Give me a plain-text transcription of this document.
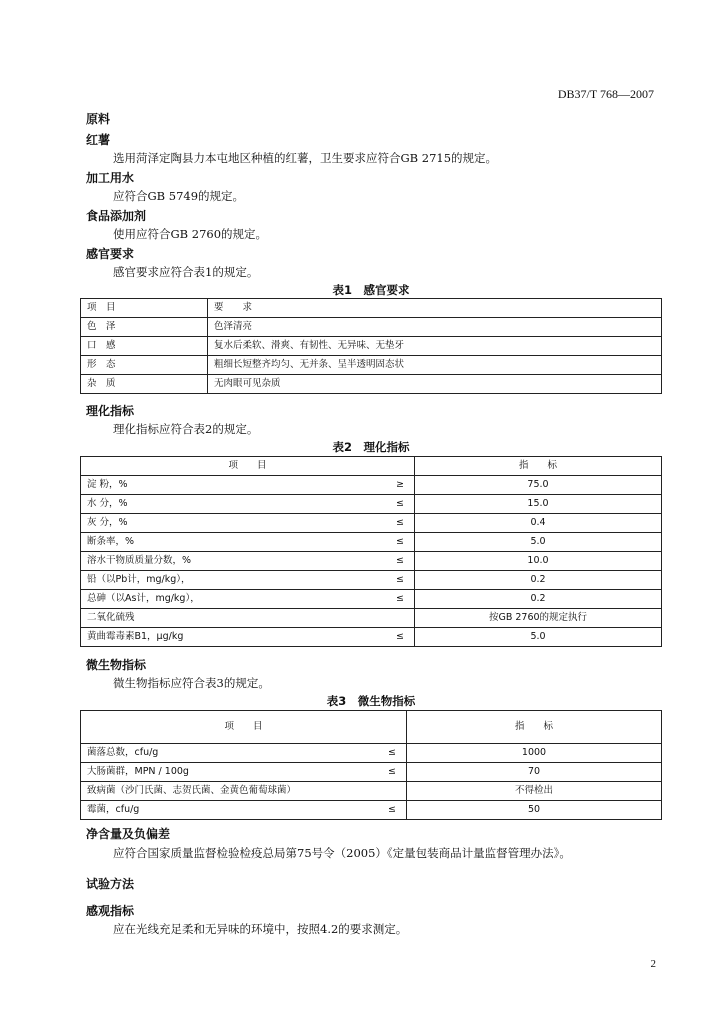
DB37/T 768—2007
原料
红薯
选用菏泽定陶县力本屯地区种植的红薯，卫生要求应符合GB 2715的规定。
加工用水
应符合GB 5749的规定。
食品添加剂
使用应符合GB 2760的规定。
感官要求
感官要求应符合表1的规定。
表1　感官要求
项　目	要　　求
色　泽	色泽清亮
口　感	复水后柔软、滑爽、有韧性、无异味、无垫牙
形　态	粗细长短整齐均匀、无并条、呈半透明固态状
杂　质	无肉眼可见杂质
理化指标
理化指标应符合表2的规定。
表2　理化指标
项　　目		指　　标
淀 粉，%	≥	75.0
水 分，%	≤	15.0
灰 分，%	≤	0.4
断条率，%	≤	5.0
溶水干物质质量分数，%	≤	10.0
铅（以Pb计，mg/kg），	≤	0.2
总砷（以As计，mg/kg），	≤	0.2
二氧化硫残		按GB 2760的规定执行
黄曲霉毒素B1，μg/kg	≤	5.0
微生物指标
微生物指标应符合表3的规定。
表3　微生物指标
项　　目		指　　标
菌落总数，cfu/g	≤	1000
大肠菌群，MPN / 100g	≤	70
致病菌（沙门氏菌、志贺氏菌、金黄色葡萄球菌）		不得检出
霉菌，cfu/g	≤	50
净含量及负偏差
应符合国家质量监督检验检疫总局第75号令（2005）《定量包装商品计量监督管理办法》。
试验方法
感观指标
应在光线充足柔和无异味的环境中，按照4.2的要求测定。
2
